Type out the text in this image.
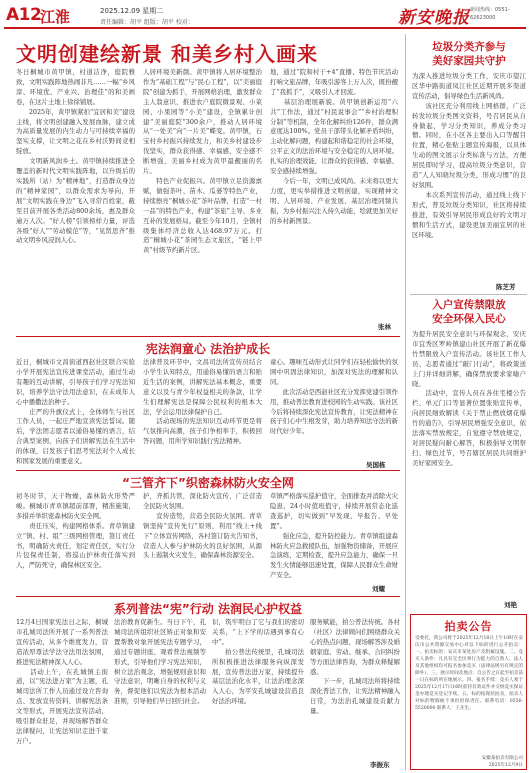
A12
江淮	2025.12.09 星期二
责任编辑：胡平 组版：胡平 校对：	新安晚报 新闻热线：0551-62623000
文明创建绘新景 和美乡村入画来
冬日桐城市黄甲镇，村道洁净，庭院雅致，文明实践阵地热闹非凡……一幅“乡风淳、环境优、产业兴、治理佳”的和美画卷，在这片土地上徐徐铺展。
　　2025年，黄甲镇紧扣“宜居和美”建设主线，将文明创建融入发展血脉，建立成为高质量发展的内生动力与可持续幸福的坚实支撑，让文明之花在乡村沃野间竞相绽放。
　　文明新风润乡土。黄甲镇持续推进全覆盖的新时代文明实践阵地，以升级后的实践所（站）为“精神地”，打造群众身边的“精神家园”，以群众需求为导向，开展“文明实践在身边”飞入寻常百姓家，截至目前开展各类活动800余场，惠及群众逾万人次。“好人榜”引领榜样力量，评选各级“好人”“劳动模范”等，“见贤思齐”推动文明乡风浸润人心。
人居环境美新颜。黄甲镇将人居环境整治作为“基础工程”与“民心工程”，以“美丽庭院”创建为抓手，开展网格治理，激发群众主人翁意识，推进农户庭院微景观、小菜园、小果园等“小美”建设，全镇累计创建“美丽庭院”300余户，推动人居环境从“一处美”向“一片美”蝶变。黄甲镇，石宝村乡村振兴持续发力，和美乡村建设步伐坚实，群众获得感、幸福感、安全感不断增强，美丽乡村成为黄甲最靓丽的名片。
　　特色产业促振兴。黄甲镇立足资源禀赋，做强茶叶、苗木、瓜蒌等特色产业，持续擦亮“桐城小花”茶叶品牌，打造“一村一品”的特色产业，构建“茶旅”主导、多业互补的发展格局。截至今年10月，全镇村级集体经济总收入达468.97万元。打造“桐城小花”茶园生态文旅区，“链上甲黄”村级节约新片区。
地，通过“院和村干+4”直播、特色节庆活动打响文旅品牌，年吸引游客上万人次，既扮靓了“我抓手”，又吸引人才回流。
　　基层治理展新貌。黄甲镇创新运用“六共”工作法，通过“村民说事会”“乡村治理积分制”等机制，全年化解纠纷126件，群众满意度达100%。党员干部带头化解矛盾纠纷，主动化解问题，构建起和谐稳定的社会环境，公平正义的法治环境与安全稳定的人居环境。扎实的治理效能，让群众的获得感、幸福感、安全感持续增强。
　　今后一年，文明已成风尚。未来将以更大力度，更实举措推进文明创建，实现精神文明、人居环境、产业发展、基层治理同频共振，为乡村振兴注入持久动能，绘就更加美好的乡村新图景。
张林
宪法润童心 法治护成长
近日，桐城市文昌街道西赵社区联合实验小学开展宪法宣传进课堂活动，通过生动有趣的互动讲解，引导孩子们学习宪法知识，培养学法守法用法意识，在未成年人心中播撒法治种子。
　　庄严的升旗仪式上，全体师生与社区工作人员，一起庄严地宣读宪法誓词。随后，学法团志愿者以通俗易懂的语言，结合典型案例，向孩子们讲解宪法在生活中的体现，启发孩子们思考宪法对个人成长和国家发展的重要意义。
法律普及环节中，文昌司法所宣传员结合小学生认知特点，用通俗易懂的语言和贴近生活的案例，讲解宪法基本概念，重要意义以及与青少年权益相关的条款，让学生们理解宪法是保障公民权利的根本大法，学会运用法律保护自己。
　　活动现场的宪法知识互动环节更是将气氛推向高潮，孩子们争相举手，积极回答问题，用所学知识践行宪法精神。
童心。趣味互动形式让同学们在轻松愉快的氛围中巩固法律知识，加深对宪法的理解和认同。
　　此次活动是西赵社区充分发挥党建引领作用，推动普法教育进校园的生动实践。该社区今后将持续深化宪法宣传教育，让宪法精神在孩子们心中生根发芽，助力培养知法守法的新时代好少年。
吴国栋
“三管齐下”织密森林防火安全网
初冬时节，天干物燥，森林防火形势严峻。桐城市青草镇超前部署，精准施策，多措并举织密森林防火安全网。
　　责任压实，构建网格体系。青草镇建立“镇、村、组”三级网格管理，签订责任书，明确防火责任，划定责任区，实行分片包保责任制，将巡山护林责任落实到人，严防死守，确保林区安全。
护，齐抓共管，深化防火宣传，广泛营造全民防火氛围。
　　宣传造势，营造全民防火氛围。青草镇坚持“宣传先行”原则，利用“线上+线下”立体宣传网络，各村签订防火告知书，营造人人参与护林防火的良好氛围，从源头上遏制火灾发生，确保森林资源安全。
草镇严格落实巡护值守，全面排查并消除火灾隐患，24小时值班值守，持续开展常态化巡查巡护，切实做到“早发现、早报告、早处置”。
　　强化应急，提升防控能力。青草镇组建森林防火应急救援队伍，加强物资储备，开展应急演练，定期检查，提升应急能力，确保一旦发生火情能够迅速处置，保障人民群众生命财产安全。
刘耀
系列普法“宪”行动 法润民心护权益
12月4日国家宪法日之际，桐城市孔城司法所开展了一系列普法宣传活动，从多个维度发力，营造浓厚尊法学法守法用法氛围，推进宪法精神深入人心。
　　活动上午，在孔城镇主街道，以“宪法进万家”为主题，孔城司法所工作人员通过设立咨询点、发放宣传资料、讲解宪法条文等形式，开展宪法宣传活动，吸引群众驻足，并现场解答群众法律疑问，让宪法知识走进千家万户。
法治教育促新生。当日下午，孔城司法所组织社区矫正对象和安置帮教对象开展宪法专题学习，通过专题讲座、观看普法视频等形式，引导他们学习宪法知识，树立法治观念，增强规则意识和守法意识，明晰自身的权利与义务，督促他们以宪法为根本活动准则，引导他们早日回归社会。
识，筑牢明白了它与我们的密切关系，“上下学的话遇到事有心中”。
　　拍公普法传统里，孔城司法所积极推进法律服务向纵深发展，宣传普法进万家，持续提升基层法治化水平，让法治理念深入人心，为平安孔城建设营造良好法治环境。
服务赋能，拍公普法传统。各村（社区）法律顾问们围绕群众关心的热点问题，现场解答涉及婚姻家庭、劳动、继承、合同纠纷等方面法律咨询，为群众释疑解惑。
　　下一步，孔城司法所将持续深化普法工作，让宪法精神融入日常，为法治孔城建设贡献力量。
李振东
垃圾分类齐参与
美好家园共守护
为深入推进垃圾分类工作，安庆市望江区华中路街道凤江社区近期开展多渠道宣传活动，倡导绿色生活新风尚。
　　该社区充分利用线上网格群，广泛转发垃圾分类图文资料，号召居民从自身做起，学习分类知识，养成分类习惯。同时，在小区各主要出入口等醒目位置，精心张贴主题宣传海报，以具体生动的图文展示分类标准与方法，方便居民即时学习，提高垃圾分类意识，营造“人人知晓垃圾分类，形成习惯”的良好氛围。
　　本次系列宣传活动，通过线上线下形式，普及垃圾分类知识，社区将持续推进，有效引导居民形成良好的文明习惯和生活方式，建设更加美丽宜居的社区环境。
陈芝芳
入户宣传禁限放
安全环保入民心
为提升居民安全意识与环保观念，安庆市宜秀区罗岭镇建山社区开展了新花爆竹禁限放入户宣传活动。该社区工作人员、志愿者通过“敲门行动”，将政策送上门并详细讲解，确保禁放要求家喻户晓。
　　活动中，宣传人员在各住宅楼公告栏、单元门口等显著位置张贴宣传单，向居民细致解读《关于禁止燃放烟花爆竹的通告》，引导居民增强安全意识，依法落实禁放规定，自觉遵守禁放规定，对居民疑问耐心解答，积极倡导文明祭扫、绿色过节，号召辖区居民共同维护美好家园安全。
刘艳
拍卖公告
受委托，我公司将于2025年12月18日上午10时在安庆市公共资源交易中心对以下标的进行公开拍卖：一、拍卖标的：安庆市某处房产及附属设施。二、竞买人条件：凡具有完全民事行为能力的自然人、法人及其他组织均可报名参加竞买（法律法规另有规定的除外）。三、展示时间及地点：自公告之日起至拍卖前一日在标的所在地展示。四、报名手续：竞买人须于2025年12月17日16时前持有效证件并交纳竞买保证金办理竞买登记手续。五、标的按现状拍卖，拍卖人对标的物瑕疵不承担担保责任。联系电话：0556-5520000 联系人：王先生。
安徽某拍卖有限公司
2025年12月9日
